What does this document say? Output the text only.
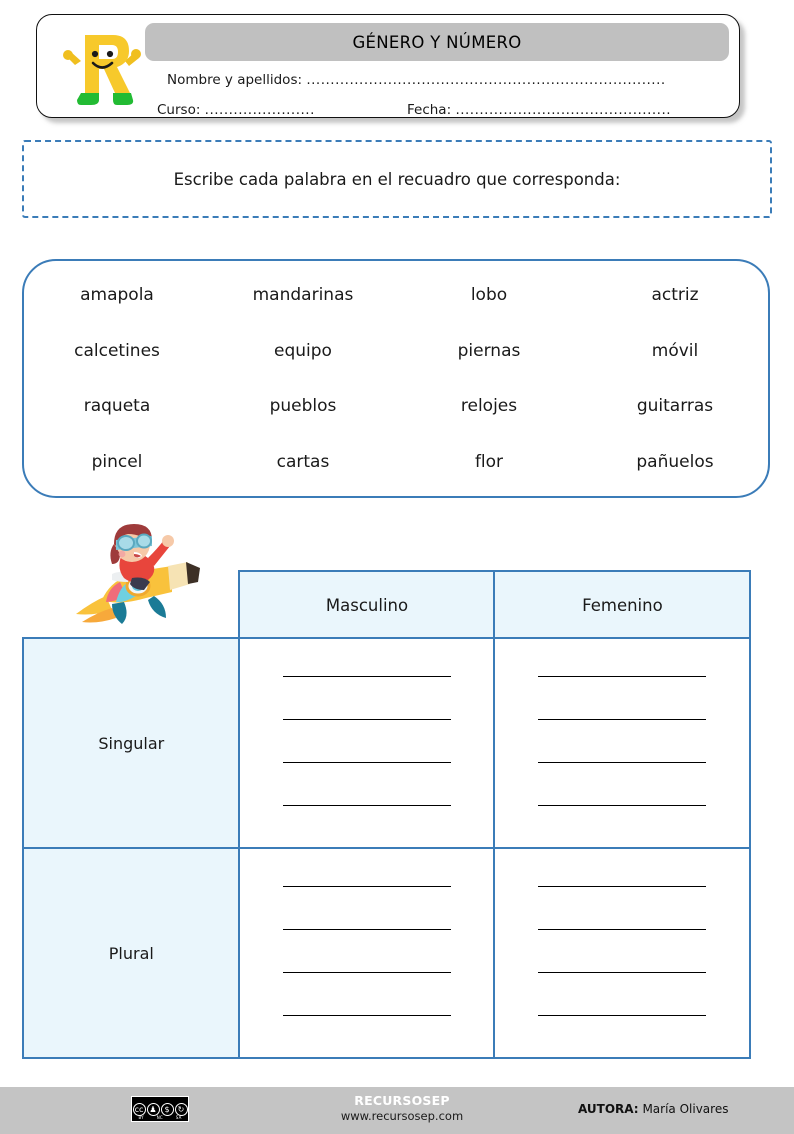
GÉNERO Y NÚMERO
Nombre y apellidos: ...........................................................................
Curso: .......................	Fecha: .............................................
Escribe cada palabra en el recuadro que corresponda:
amapola	mandarinas	lobo	actriz
calcetines	equipo	piernas	móvil
raqueta	pueblos	relojes	guitarras
pincel	cartas	flor	pañuelos
Masculino	Femenino
Singular
Plural
cc ♟ $	↻
BY	NC	SA
RECURSOSEP
www.recursosep.com	AUTORA: María Olivares
